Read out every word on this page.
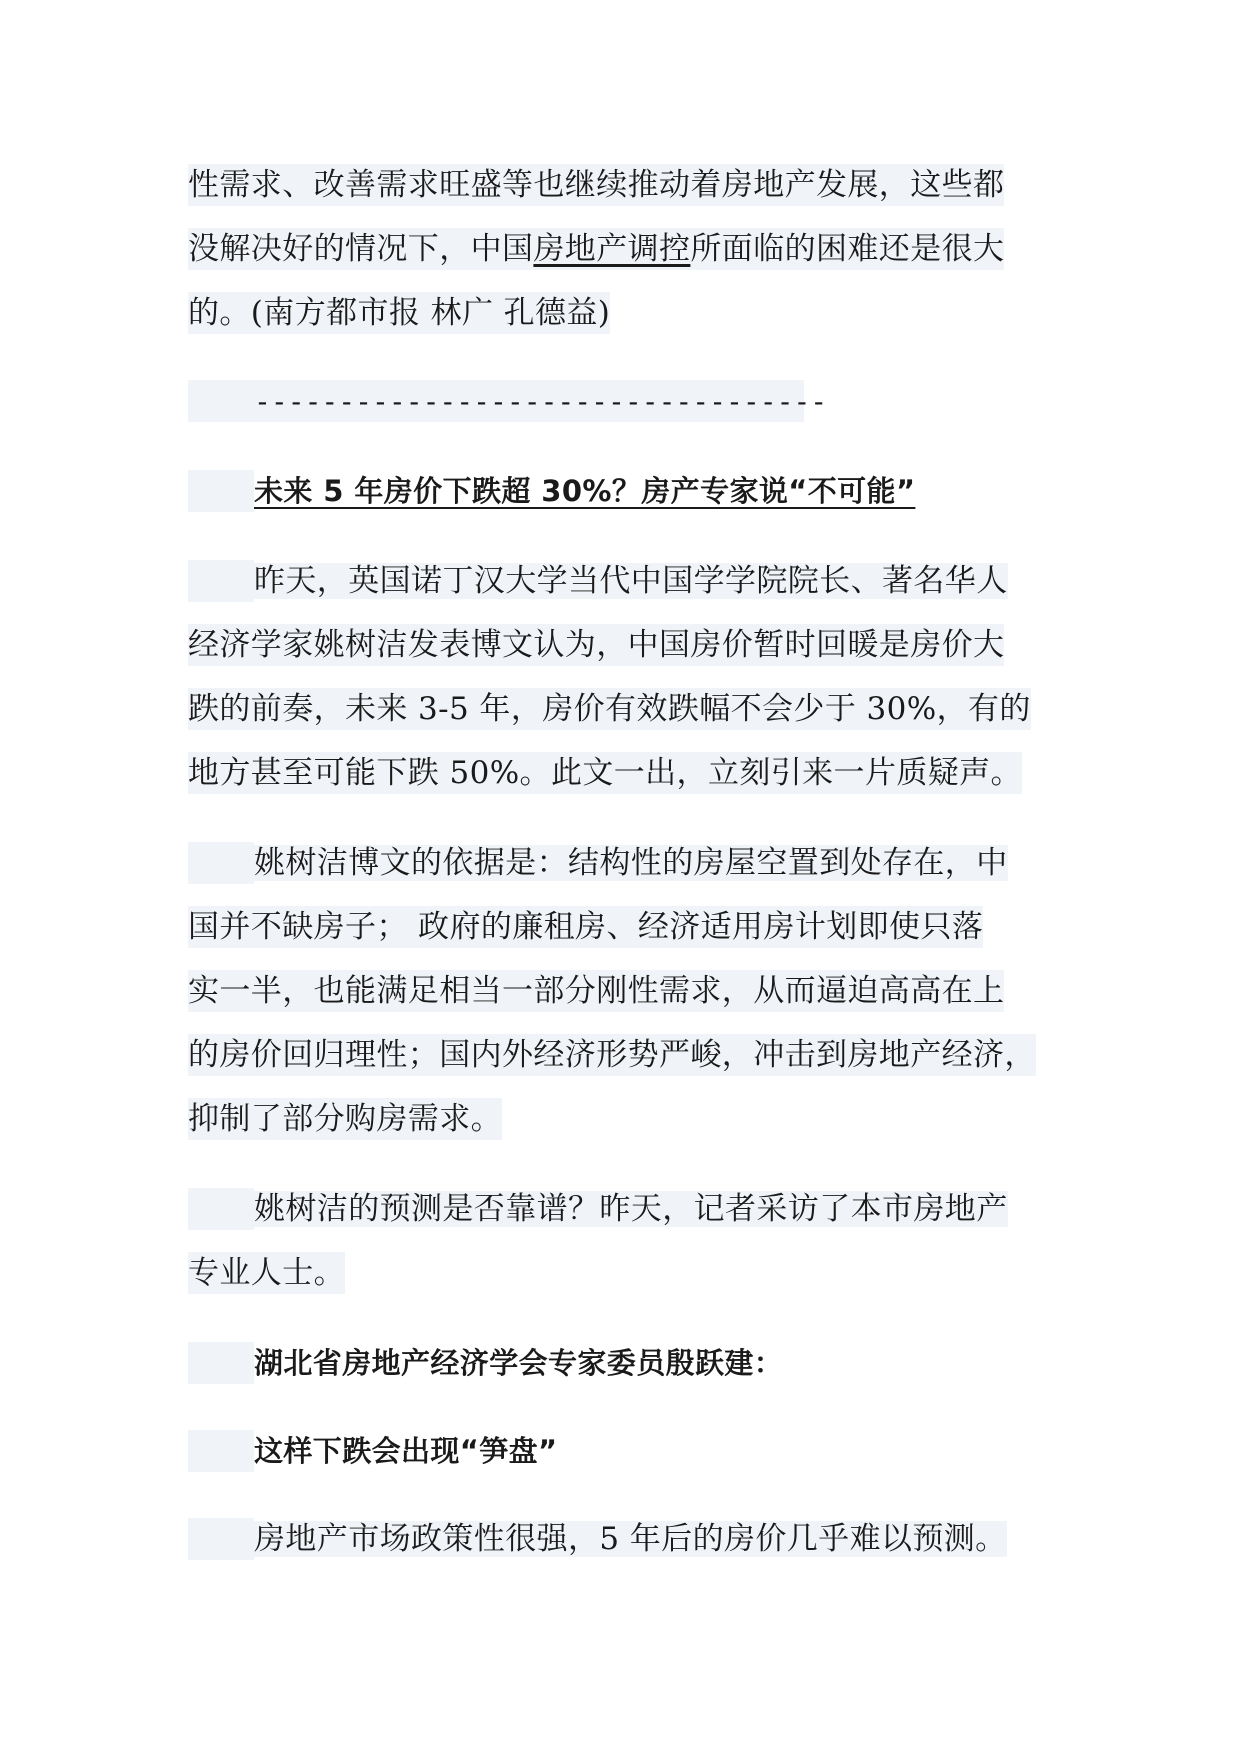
性需求、改善需求旺盛等也继续推动着房地产发展，这些都
没解决好的情况下，中国房地产调控所面临的困难还是很大
的。(南方都市报 林广 孔德益)
----------------------------------
未来 5 年房价下跌超 30%？房产专家说“不可能”
昨天，英国诺丁汉大学当代中国学学院院长、著名华人
经济学家姚树洁发表博文认为，中国房价暂时回暖是房价大
跌的前奏，未来 3-5 年，房价有效跌幅不会少于 30%，有的
地方甚至可能下跌 50%。此文一出，立刻引来一片质疑声。
姚树洁博文的依据是：结构性的房屋空置到处存在，中
国并不缺房子； 政府的廉租房、经济适用房计划即使只落
实一半，也能满足相当一部分刚性需求，从而逼迫高高在上
的房价回归理性；国内外经济形势严峻，冲击到房地产经济，
抑制了部分购房需求。
姚树洁的预测是否靠谱？昨天，记者采访了本市房地产
专业人士。
湖北省房地产经济学会专家委员殷跃建：
这样下跌会出现“笋盘”
房地产市场政策性很强，5 年后的房价几乎难以预测。
